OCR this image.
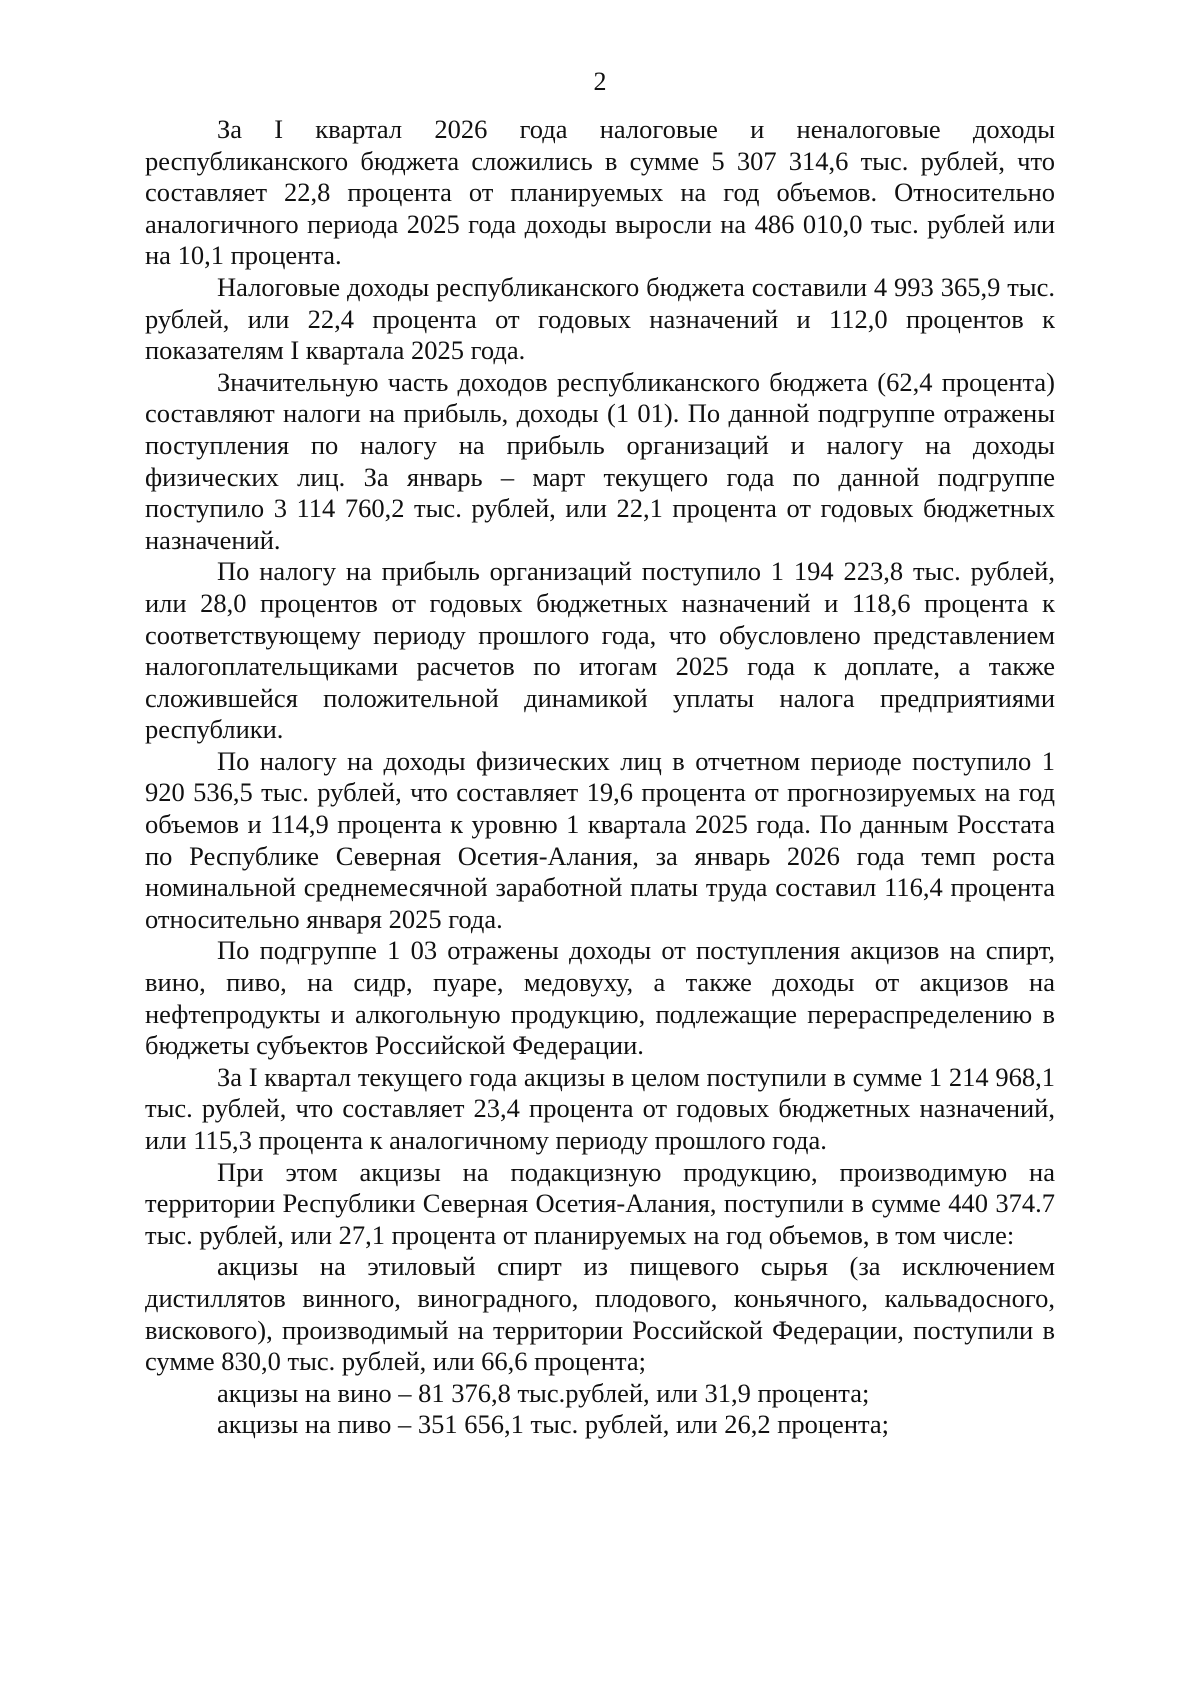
2

За I квартал 2026 года налоговые и неналоговые доходы республиканского бюджета сложились в сумме 5 307 314,6 тыс. рублей, что составляет 22,8 процента от планируемых на год объемов. Относительно аналогичного периода 2025 года доходы выросли на 486 010,0 тыс. рублей или на 10,1 процента.

Налоговые доходы республиканского бюджета составили 4 993 365,9 тыс. рублей, или 22,4 процента от годовых назначений и 112,0 процентов к показателям I квартала 2025 года.

Значительную часть доходов республиканского бюджета (62,4 процента) составляют налоги на прибыль, доходы (1 01). По данной подгруппе отражены поступления по налогу на прибыль организаций и налогу на доходы физических лиц. За январь – март текущего года по данной подгруппе поступило 3 114 760,2 тыс. рублей, или 22,1 процента от годовых бюджетных назначений.

По налогу на прибыль организаций поступило 1 194 223,8 тыс. рублей, или 28,0 процентов от годовых бюджетных назначений и 118,6 процента к соответствующему периоду прошлого года, что обусловлено представлением налогоплательщиками расчетов по итогам 2025 года к доплате, а также сложившейся положительной динамикой уплаты налога предприятиями республики.

По налогу на доходы физических лиц в отчетном периоде поступило 1 920 536,5 тыс. рублей, что составляет 19,6 процента от прогнозируемых на год объемов и 114,9 процента к уровню 1 квартала 2025 года. По данным Росстата по Республике Северная Осетия-Алания, за январь 2026 года темп роста номинальной среднемесячной заработной платы труда составил 116,4 процента относительно января 2025 года.

По подгруппе 1 03 отражены доходы от поступления акцизов на спирт, вино, пиво, на сидр, пуаре, медовуху, а также доходы от акцизов на нефтепродукты и алкогольную продукцию, подлежащие перераспределению в бюджеты субъектов Российской Федерации.

За I квартал текущего года акцизы в целом поступили в сумме 1 214 968,1 тыс. рублей, что составляет 23,4 процента от годовых бюджетных назначений, или 115,3 процента к аналогичному периоду прошлого года.

При этом акцизы на подакцизную продукцию, производимую на территории Республики Северная Осетия-Алания, поступили в сумме 440 374.7 тыс. рублей, или 27,1 процента от планируемых на год объемов, в том числе:

акцизы на этиловый спирт из пищевого сырья (за исключением дистиллятов винного, виноградного, плодового, коньячного, кальвадосного, вискового), производимый на территории Российской Федерации, поступили в сумме 830,0 тыс. рублей, или 66,6 процента;

акцизы на вино – 81 376,8 тыс.рублей, или 31,9 процента;

акцизы на пиво – 351 656,1 тыс. рублей, или 26,2 процента;
